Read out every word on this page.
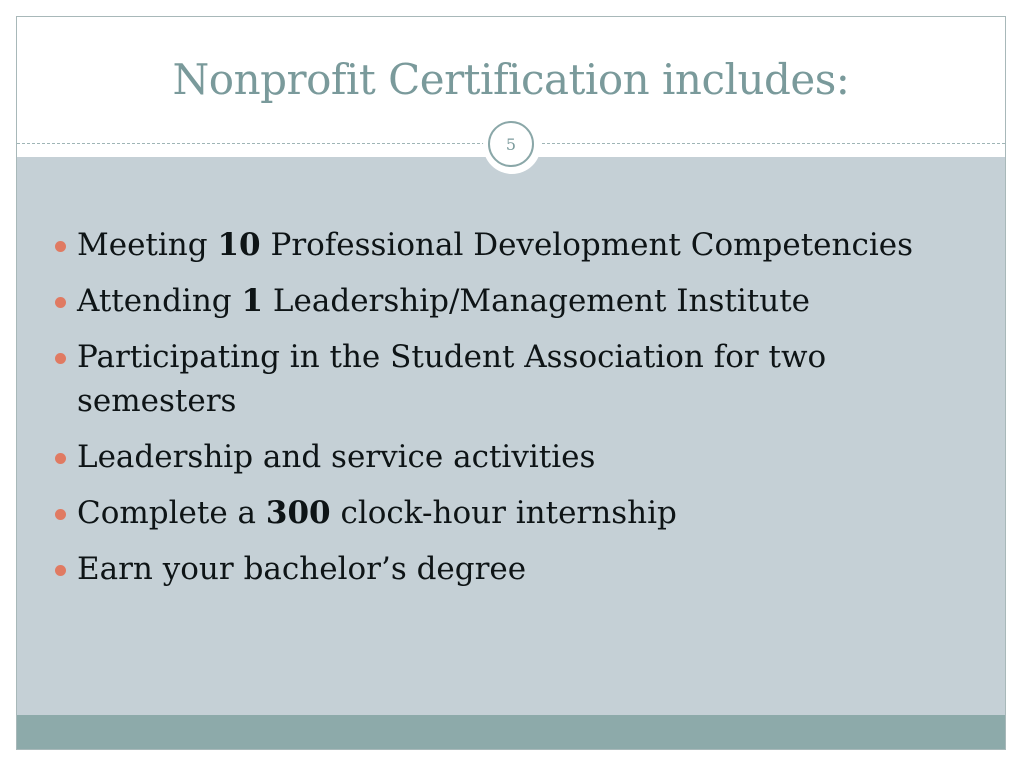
Nonprofit Certification includes:
Meeting 10 Professional Development Competencies
Attending 1 Leadership/Management Institute
Participating in the Student Association for two semesters
Leadership and service activities
Complete a 300 clock-hour internship
Earn your bachelor’s degree
5
